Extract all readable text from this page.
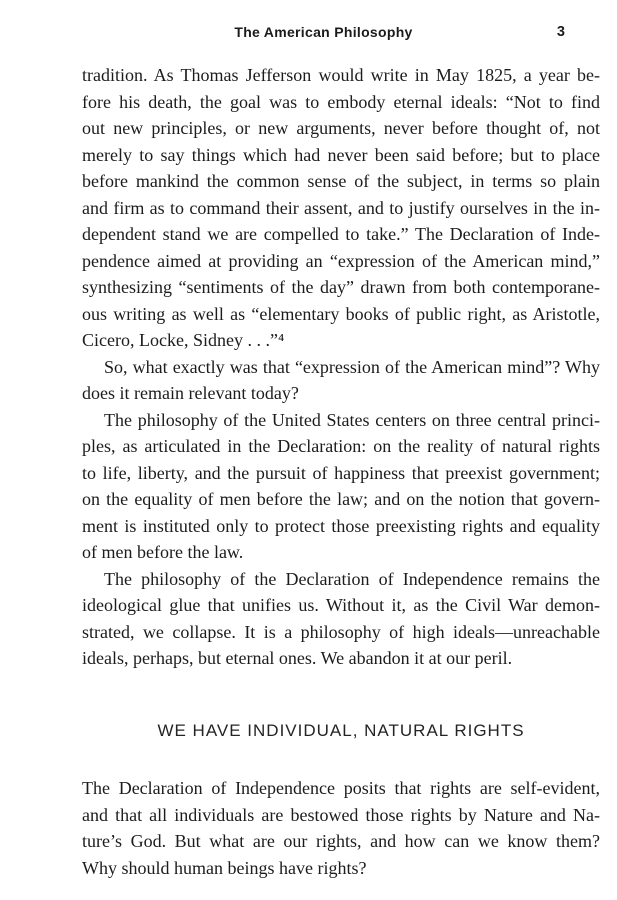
The American Philosophy	3

tradition. As Thomas Jefferson would write in May 1825, a year be-
fore his death, the goal was to embody eternal ideals: “Not to find
out new principles, or new arguments, never before thought of, not
merely to say things which had never been said before; but to place
before mankind the common sense of the subject, in terms so plain
and firm as to command their assent, and to justify ourselves in the in-
dependent stand we are compelled to take.” The Declaration of Inde-
pendence aimed at providing an “expression of the American mind,”
synthesizing “sentiments of the day” drawn from both contemporane-
ous writing as well as “elementary books of public right, as Aristotle,
Cicero, Locke, Sidney . . .”⁴

So, what exactly was that “expression of the American mind”? Why
does it remain relevant today?

The philosophy of the United States centers on three central princi-
ples, as articulated in the Declaration: on the reality of natural rights
to life, liberty, and the pursuit of happiness that preexist government;
on the equality of men before the law; and on the notion that govern-
ment is instituted only to protect those preexisting rights and equality
of men before the law.

The philosophy of the Declaration of Independence remains the
ideological glue that unifies us. Without it, as the Civil War demon-
strated, we collapse. It is a philosophy of high ideals—unreachable
ideals, perhaps, but eternal ones. We abandon it at our peril.

WE HAVE INDIVIDUAL, NATURAL RIGHTS

The Declaration of Independence posits that rights are self-evident,
and that all individuals are bestowed those rights by Nature and Na-
ture’s God. But what are our rights, and how can we know them?
Why should human beings have rights?
